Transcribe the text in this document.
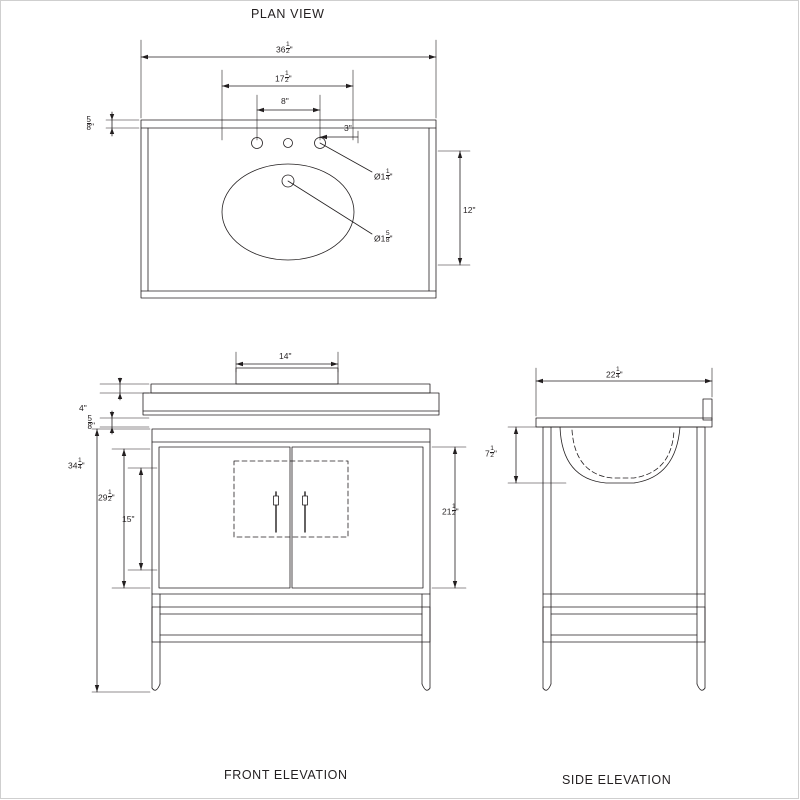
PLAN VIEW
FRONT ELEVATION	SIDE ELEVATION
$36 \frac{1}{2}$ "
$17 \frac{1}{2}$ "
8"
3"
$\frac{5}{8}$ "
Ø1 $\frac{1}{4}$ "
Ø1 $\frac{5}{8}$ "
12"
14"
4"
$\frac{5}{8}$ "
$34 \frac{1}{4}$ "
$29 \frac{1}{2}$ "
15"
$21 \frac{1}{2}$ "
$22 \frac{1}{4}$ "
$7 \frac{1}{2}$ "
